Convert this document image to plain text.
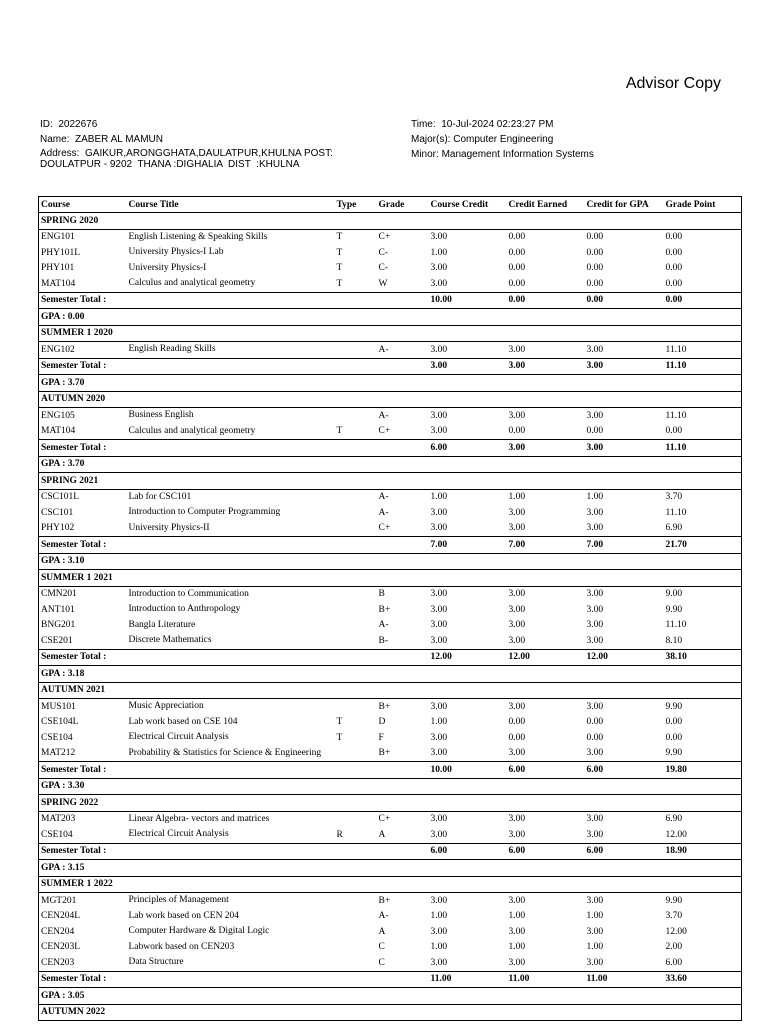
Advisor Copy
ID: 2022676
Name: ZABER AL MAMUN
Address: GAIKUR,ARONGGHATA,DAULATPUR,KHULNA POST:
DOULATPUR - 9202  THANA :DIGHALIA  DIST  :KHULNA
Time: 10-Jul-2024 02:23:27 PM
Major(s): Computer Engineering
Minor: Management Information Systems
Course	Course Title	Type	Grade	Course Credit	Credit Earned	Credit for GPA	Grade Point
SPRING 2020							
ENG101	English Listening & Speaking Skills	T	C+	3.00	0.00	0.00	0.00
PHY101L	University Physics-I Lab	T	C-	1.00	0.00	0.00	0.00
PHY101	University Physics-I	T	C-	3.00	0.00	0.00	0.00
MAT104	Calculus and analytical geometry	T	W	3.00	0.00	0.00	0.00
Semester Total :				10.00	0.00	0.00	0.00
GPA : 0.00							
SUMMER 1 2020							
ENG102	English Reading Skills		A-	3.00	3.00	3.00	11.10
Semester Total :				3.00	3.00	3.00	11.10
GPA : 3.70							
AUTUMN 2020							
ENG105	Business English		A-	3.00	3.00	3.00	11.10
MAT104	Calculus and analytical geometry	T	C+	3.00	0.00	0.00	0.00
Semester Total :				6.00	3.00	3.00	11.10
GPA : 3.70							
SPRING 2021							
CSC101L	Lab for CSC101		A-	1.00	1.00	1.00	3.70
CSC101	Introduction to Computer Programming		A-	3.00	3.00	3.00	11.10
PHY102	University Physics-II		C+	3.00	3.00	3.00	6.90
Semester Total :				7.00	7.00	7.00	21.70
GPA : 3.10							
SUMMER 1 2021							
CMN201	Introduction to Communication		B	3.00	3.00	3.00	9.00
ANT101	Introduction to Anthropology		B+	3.00	3.00	3.00	9.90
BNG201	Bangla Literature		A-	3.00	3.00	3.00	11.10
CSE201	Discrete Mathematics		B-	3.00	3.00	3.00	8.10
Semester Total :				12.00	12.00	12.00	38.10
GPA : 3.18							
AUTUMN 2021							
MUS101	Music Appreciation		B+	3.00	3.00	3.00	9.90
CSE104L	Lab work based on CSE 104	T	D	1.00	0.00	0.00	0.00
CSE104	Electrical Circuit Analysis	T	F	3.00	0.00	0.00	0.00
MAT212	Probability & Statistics for Science & Engineering		B+	3.00	3.00	3.00	9.90
Semester Total :				10.00	6.00	6.00	19.80
GPA : 3.30							
SPRING 2022							
MAT203	Linear Algebra- vectors and matrices		C+	3.00	3.00	3.00	6.90
CSE104	Electrical Circuit Analysis	R	A	3.00	3.00	3.00	12.00
Semester Total :				6.00	6.00	6.00	18.90
GPA : 3.15							
SUMMER 1 2022							
MGT201	Principles of Management		B+	3.00	3.00	3.00	9.90
CEN204L	Lab work based on CEN 204		A-	1.00	1.00	1.00	3.70
CEN204	Computer Hardware & Digital Logic		A	3.00	3.00	3.00	12.00
CEN203L	Labwork based on CEN203		C	1.00	1.00	1.00	2.00
CEN203	Data Structure		C	3.00	3.00	3.00	6.00
Semester Total :				11.00	11.00	11.00	33.60
GPA : 3.05							
AUTUMN 2022							
